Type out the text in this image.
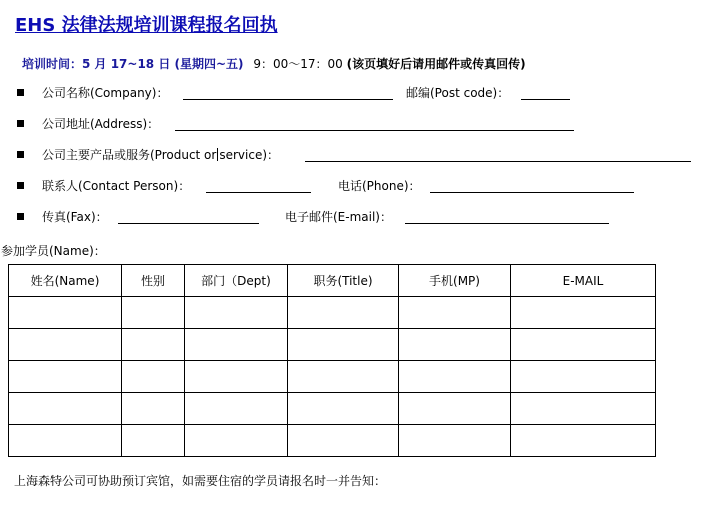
EHS 法律法规培训课程报名回执
培训时间：5 月 17~18 日 (星期四~五) 9：00～17：00 (该页填好后请用邮件或传真回传)
公司名称(Company)：	邮编(Post code)：
公司地址(Address)：
公司主要产品或服务(Product or service)：
联系人(Contact Person)：	电话(Phone)：
传真(Fax)：	电子邮件(E-mail)：
参加学员(Name)：
姓名(Name)	性别	部门（Dept)	职务(Title)	手机(MP)	E-MAIL

上海森特公司可协助预订宾馆，如需要住宿的学员请报名时一并告知：
